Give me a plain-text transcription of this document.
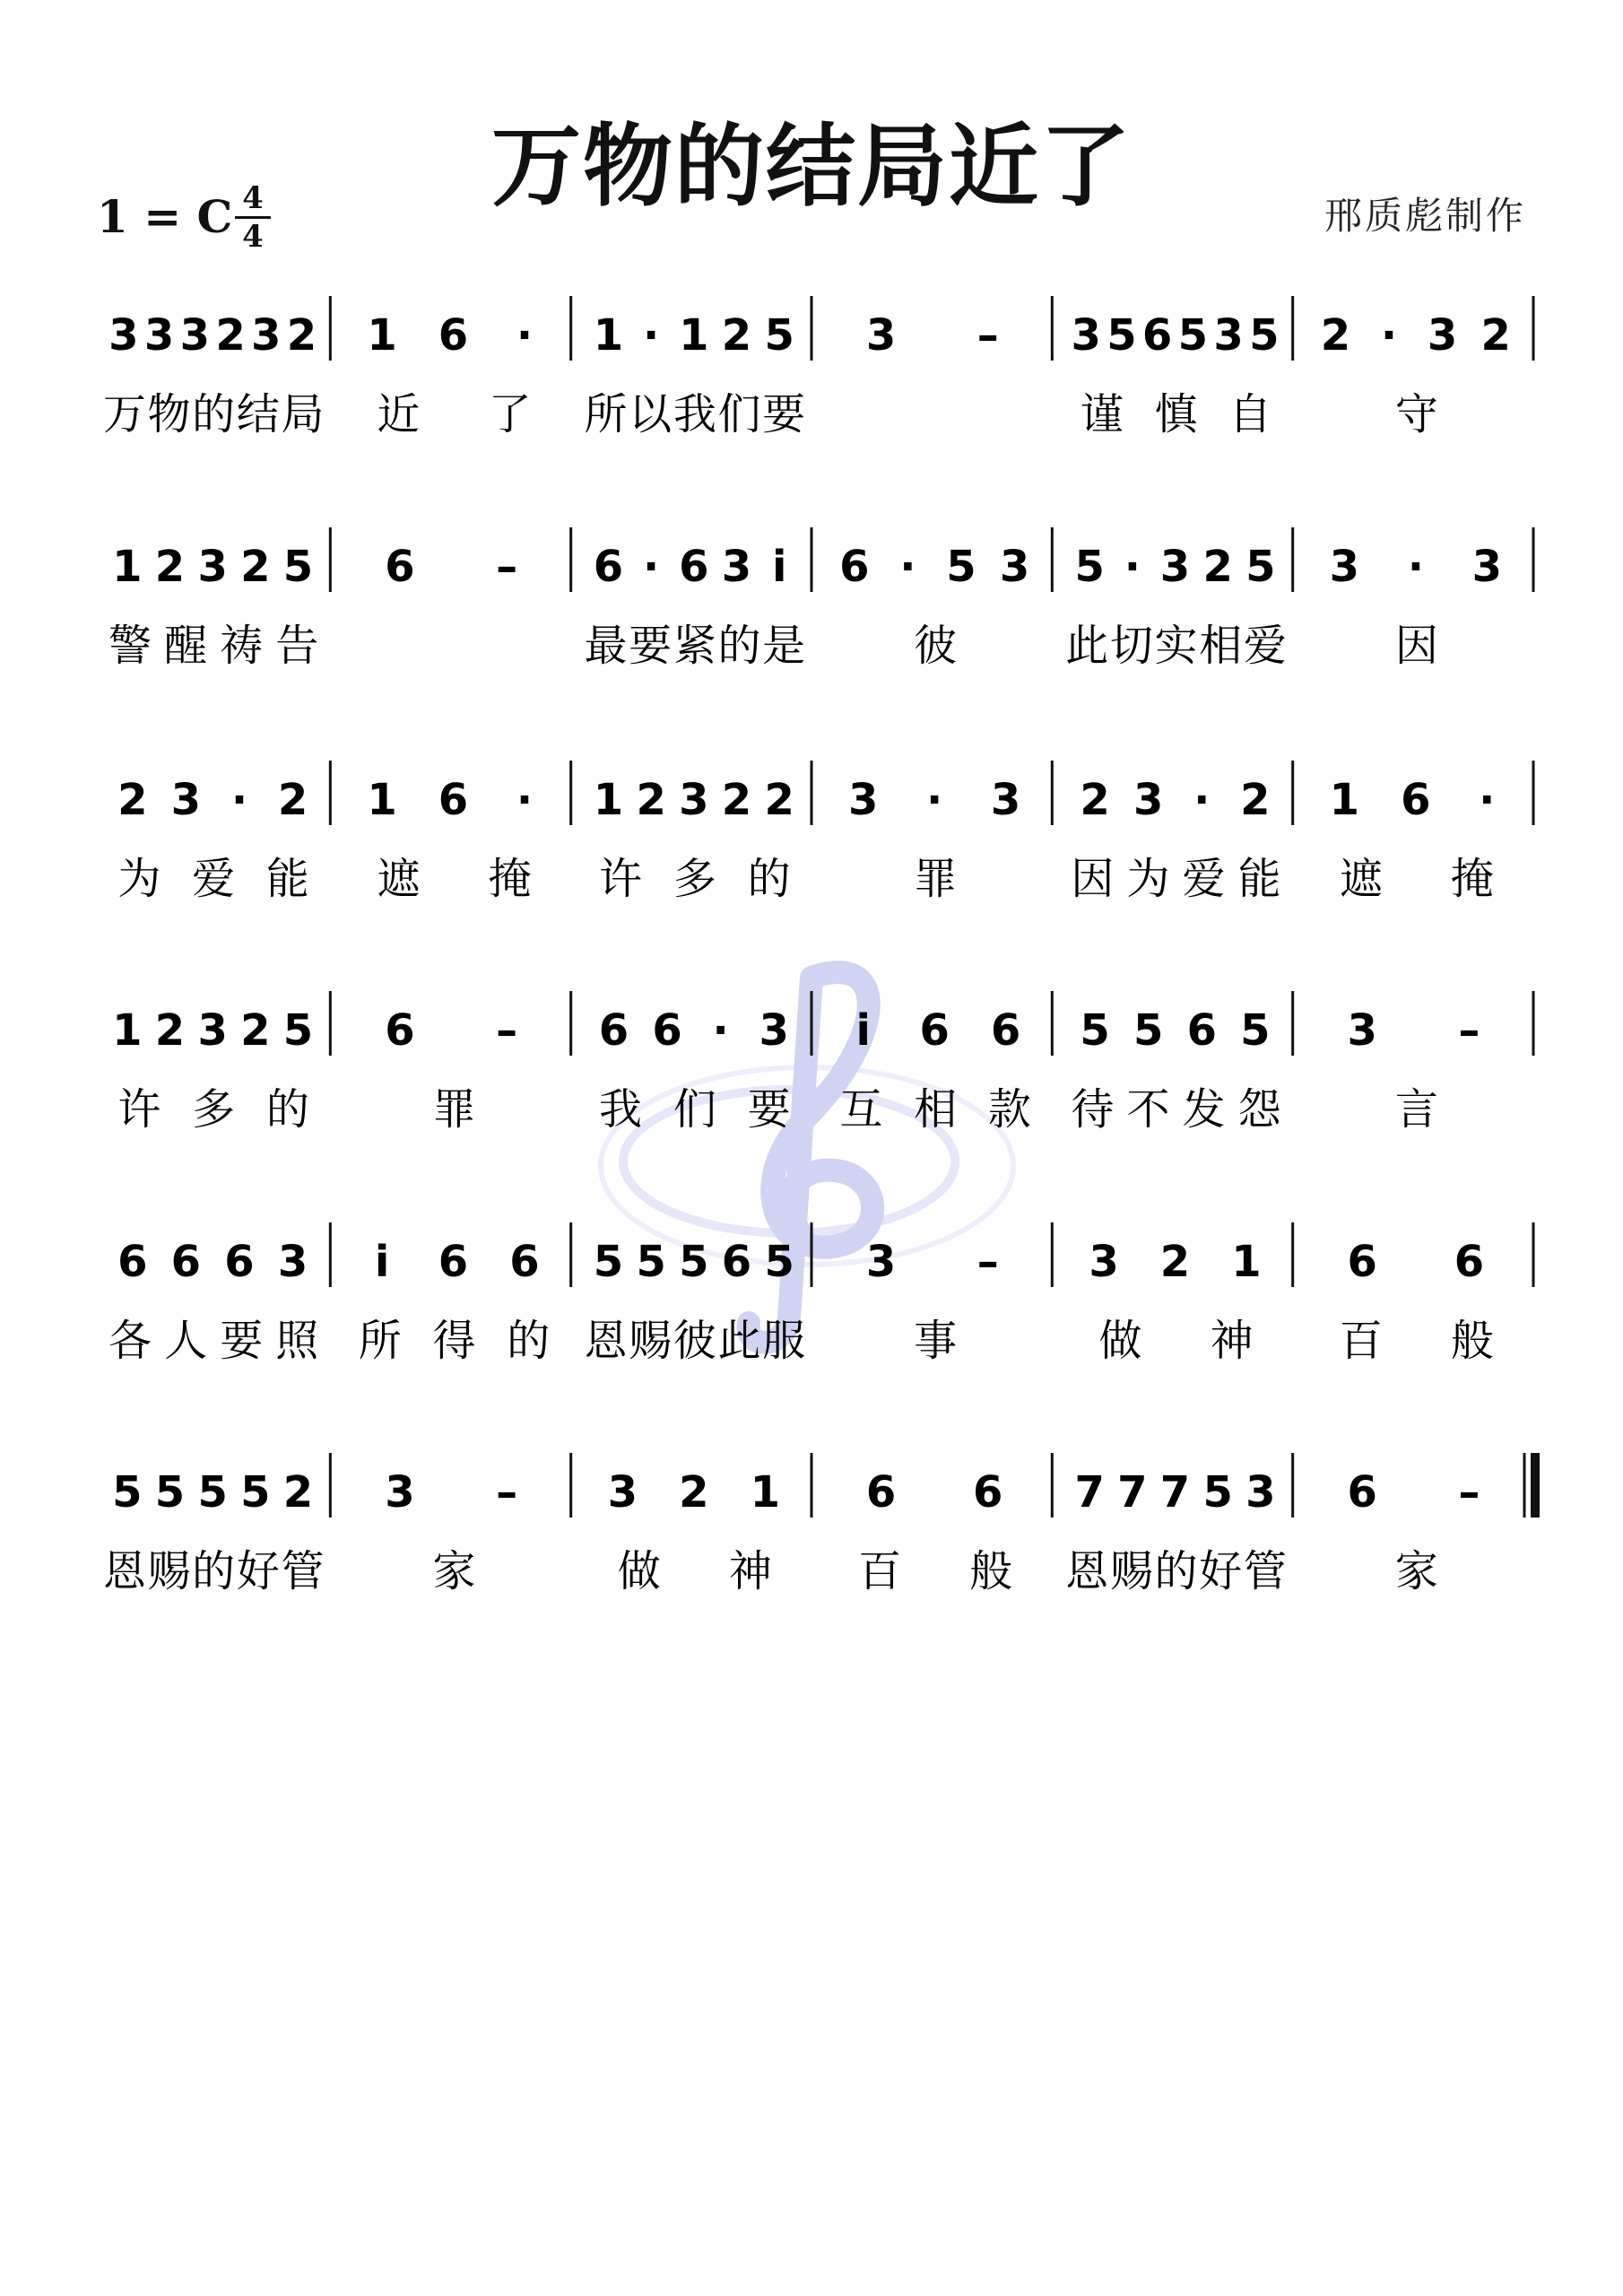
万物的结局近了
1 = C 4
4	邢质彪制作
3 3 3 2 3 2
万 物 的 结 局
1 6 ·
近 了
1 · 1 2 5
所 以 我 们 要
3 – 3 5 6 5 3 5
谨 慎 自
2 · 3 2
守
1 2 3 2 5
警 醒 祷 告
6 – 6 · 6 3 i
最 要 紧 的 是
6 · 5 3
彼
5 · 3 2 5
此 切 实 相 爱
3 · 3
因
2 3 · 2
为 爱 能
1 6 ·
遮 掩
1 2 3 2 2
许 多 的
3 · 3
罪
2 3 · 2
因 为 爱 能
1 6 ·
遮 掩
1 2 3 2 5
许 多 的
6 –
罪
6 6 · 3
我 们 要
i 6 6
互 相 款
5 5 6 5
待 不 发 怨
3 –
言
6 6 6 3
各 人 要 照
i 6 6
所 得 的
5 5 5 6 5
恩 赐 彼 此 服
3 –
事
3 2 1
做 神
6 6
百 般
5 5 5 5 2
恩 赐 的 好 管
3 –
家
3 2 1
做 神
6 6
百 般
7 7 7 5 3
恩 赐 的 好 管
6 –
家
